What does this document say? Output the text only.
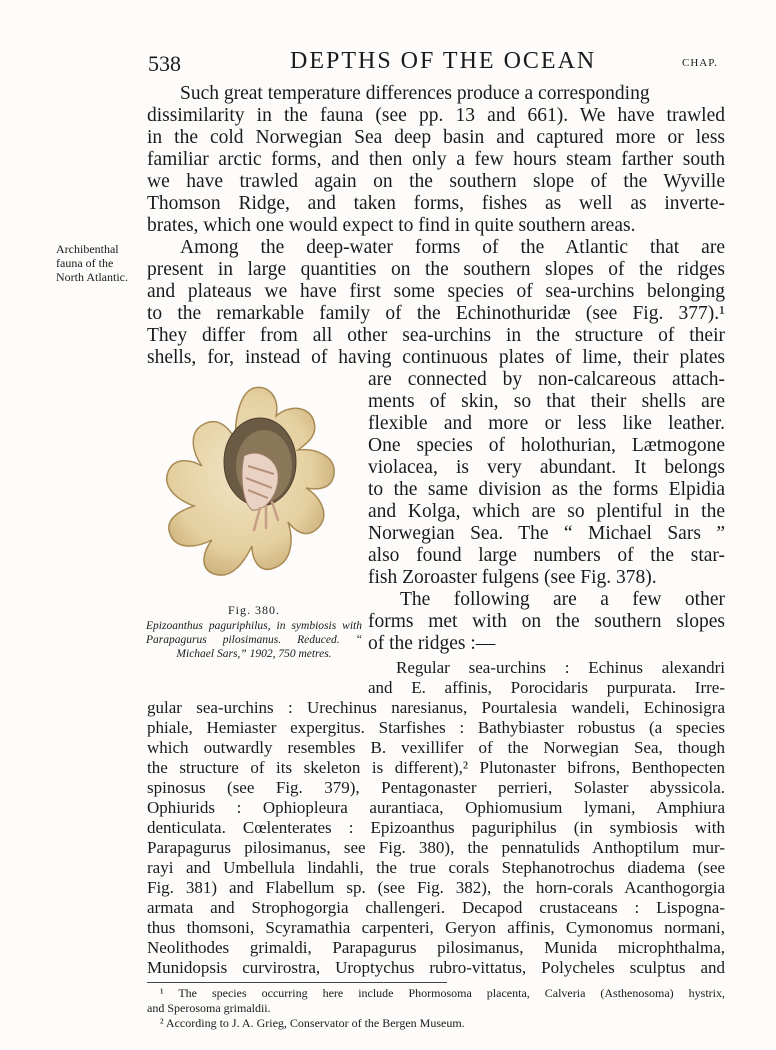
538	DEPTHS OF THE OCEAN	CHAP.
Archibenthal fauna of the North Atlantic.
Such great temperature differences produce a corresponding
dissimilarity in the fauna (see pp. 13 and 661). We have trawled
in the cold Norwegian Sea deep basin and captured more or less
familiar arctic forms, and then only a few hours steam farther south
we have trawled again on the southern slope of the Wyville
Thomson Ridge, and taken forms, fishes as well as inverte-
brates, which one would expect to find in quite southern areas.
Among the deep-water forms of the Atlantic that are
present in large quantities on the southern slopes of the ridges
and plateaus we have first some species of sea-urchins belonging
to the remarkable family of the Echinothuridæ (see Fig. 377).¹
They differ from all other sea-urchins in the structure of their
shells, for, instead of having continuous plates of lime, their plates
are connected by non-calcareous attach-
ments of skin, so that their shells are
flexible and more or less like leather.
One species of holothurian, Lætmogone
violacea, is very abundant. It belongs
to the same division as the forms Elpidia
and Kolga, which are so plentiful in the
Norwegian Sea. The “ Michael Sars ”
also found large numbers of the star-
fish Zoroaster fulgens (see Fig. 378).
The following are a few other
forms met with on the southern slopes
of the ridges :—
Fig. 380.
Epizoanthus paguriphilus, in symbiosis with Parapagurus pilosimanus. Reduced. “ Michael Sars,” 1902, 750 metres.
Regular sea-urchins : Echinus alexandri
and E. affinis, Porocidaris purpurata. Irre-
gular sea-urchins : Urechinus naresianus, Pourtalesia wandeli, Echinosigra
phiale, Hemiaster expergitus. Starfishes : Bathybiaster robustus (a species
which outwardly resembles B. vexillifer of the Norwegian Sea, though
the structure of its skeleton is different),² Plutonaster bifrons, Benthopecten
spinosus (see Fig. 379), Pentagonaster perrieri, Solaster abyssicola.
Ophiurids : Ophiopleura aurantiaca, Ophiomusium lymani, Amphiura
denticulata. Cœlenterates : Epizoanthus paguriphilus (in symbiosis with
Parapagurus pilosimanus, see Fig. 380), the pennatulids Anthoptilum mur-
rayi and Umbellula lindahli, the true corals Stephanotrochus diadema (see
Fig. 381) and Flabellum sp. (see Fig. 382), the horn-corals Acanthogorgia
armata and Strophogorgia challengeri. Decapod crustaceans : Lispogna-
thus thomsoni, Scyramathia carpenteri, Geryon affinis, Cymonomus normani,
Neolithodes grimaldi, Parapagurus pilosimanus, Munida microphthalma,
Munidopsis curvirostra, Uroptychus rubro-vittatus, Polycheles sculptus and
¹ The species occurring here include Phormosoma placenta, Calveria (Asthenosoma) hystrix,
and Sperosoma grimaldii.
² According to J. A. Grieg, Conservator of the Bergen Museum.
